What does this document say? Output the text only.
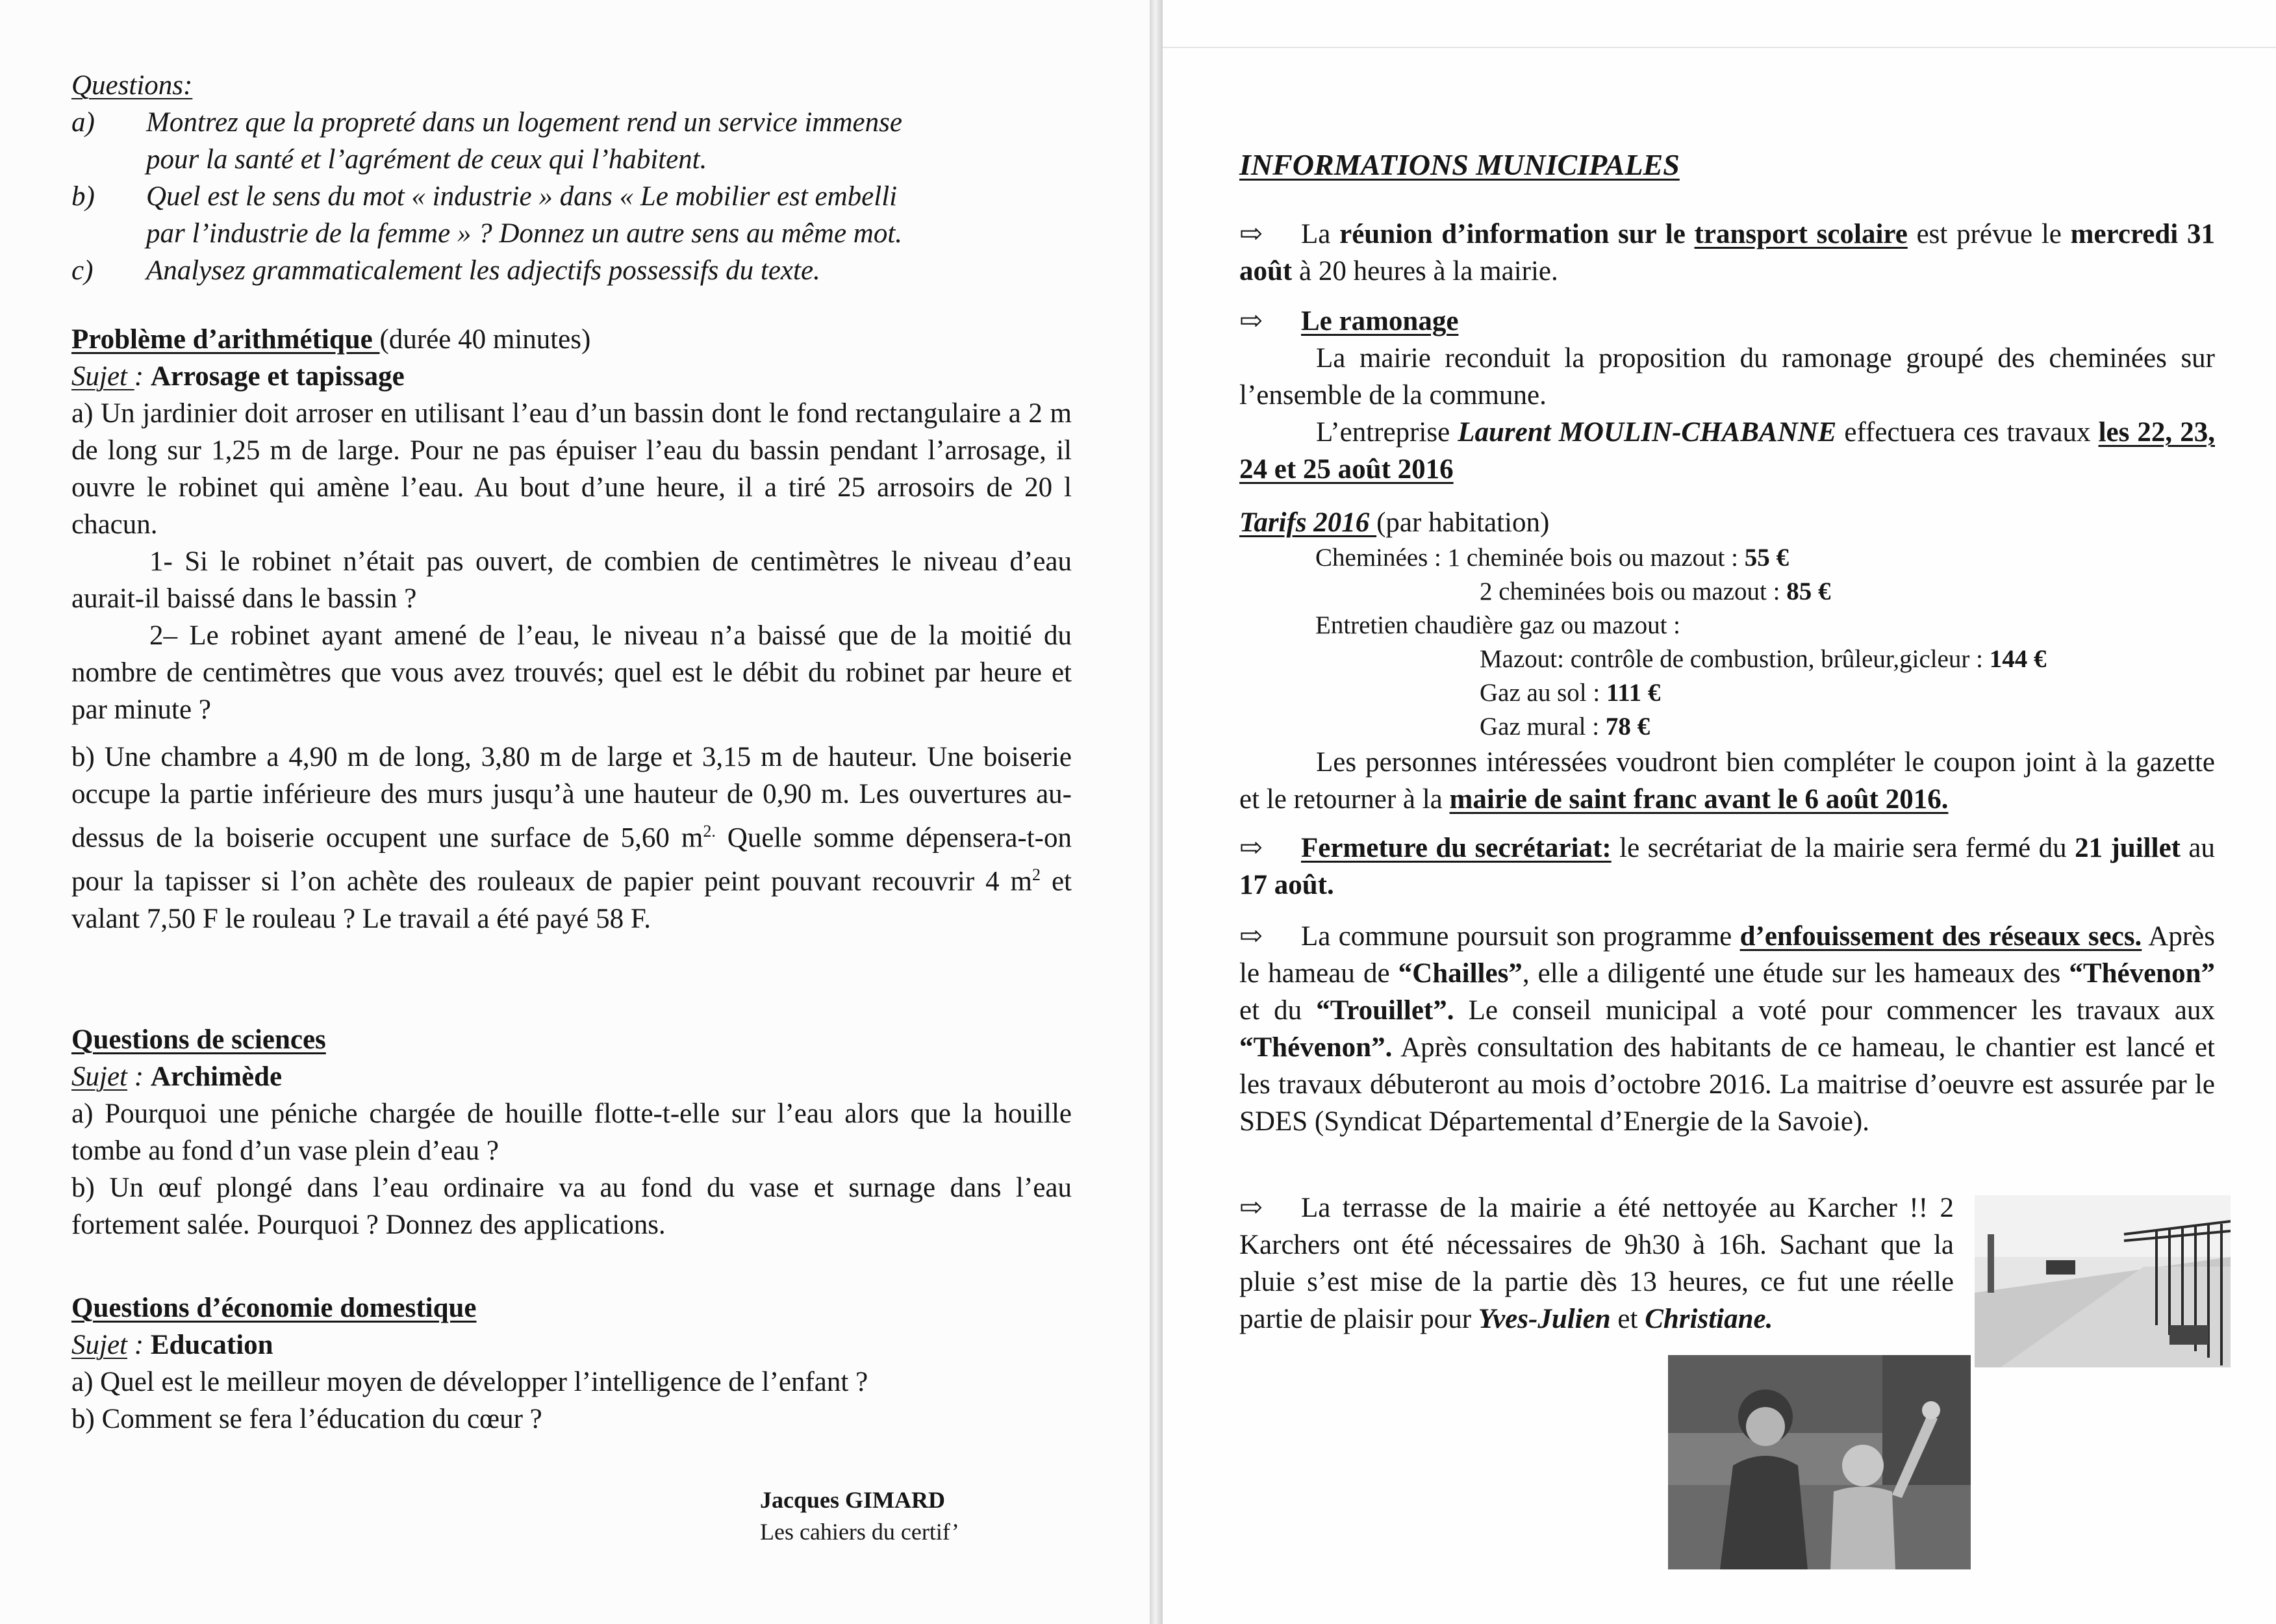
Questions:
a)	Montrez que la propreté dans un logement rend un service immense
pour la santé et l’agrément de ceux qui l’habitent.
b)	Quel est le sens du mot « industrie » dans « Le mobilier est embelli
par l’industrie de la femme » ? Donnez un autre sens au même mot.
c)	Analysez grammaticalement les adjectifs possessifs du texte.
Problème d’arithmétique (durée 40 minutes)
Sujet : Arrosage et tapissage
a) Un jardinier doit arroser en utilisant l’eau d’un bassin dont le fond rectangulaire a 2 m de long sur 1,25 m de large. Pour ne pas épuiser l’eau du bassin pendant l’arrosage, il ouvre le robinet qui amène l’eau. Au bout d’une heure, il a tiré 25 arrosoirs de 20 l chacun.
1- Si le robinet n’était pas ouvert, de combien de centimètres le niveau d’eau aurait-il baissé dans le bassin ?
2– Le robinet ayant amené de l’eau, le niveau n’a baissé que de la moitié du nombre de centimètres que vous avez trouvés; quel est le débit du robinet par heure et par minute ?
b) Une chambre a 4,90 m de long, 3,80 m de large et 3,15 m de hauteur. Une boiserie occupe la partie inférieure des murs jusqu’à une hauteur de 0,90 m. Les ouvertures au-dessus de la boiserie occupent une surface de 5,60 $m^{2.}$ Quelle somme dépensera-t-on pour la tapisser si l’on achète des rouleaux de papier peint pouvant recouvrir 4 $m^2$ et valant 7,50 F le rouleau ? Le travail a été payé 58 F.
Questions de sciences
Sujet : Archimède
a) Pourquoi une péniche chargée de houille flotte-t-elle sur l’eau alors que la houille tombe au fond d’un vase plein d’eau ?
b) Un œuf plongé dans l’eau ordinaire va au fond du vase et surnage dans l’eau fortement salée. Pourquoi ? Donnez des applications.
Questions d’économie domestique
Sujet : Education
a) Quel est le meilleur moyen de développer l’intelligence de l’enfant ?
b) Comment se fera l’éducation du cœur ?
Jacques GIMARD
Les cahiers du certif’
INFORMATIONS MUNICIPALES
⇨ La réunion d’information sur le transport scolaire est prévue le mercredi 31 août à 20 heures à la mairie.
⇨ Le ramonage
La mairie reconduit la proposition du ramonage groupé des cheminées sur l’ensemble de la commune.
L’entreprise Laurent MOULIN-CHABANNE effectuera ces travaux les 22, 23, 24 et 25 août 2016
Tarifs 2016 (par habitation)
Cheminées : 1 cheminée bois ou mazout : 55 €
2 cheminées bois ou mazout : 85 €
Entretien chaudière gaz ou mazout :
Mazout: contrôle de combustion, brûleur,gicleur : 144 €
Gaz au sol : 111 €
Gaz mural : 78 €
Les personnes intéressées voudront bien compléter le coupon joint à la gazette et le retourner à la mairie de saint franc avant le 6 août 2016.
⇨ Fermeture du secrétariat: le secrétariat de la mairie sera fermé du 21 juillet au 17 août.
⇨ La commune poursuit son programme d’enfouissement des réseaux secs. Après le hameau de “Chailles”, elle a diligenté une étude sur les hameaux des “Thévenon” et du “Trouillet”. Le conseil municipal a voté pour commencer les travaux aux “Thévenon”. Après consultation des habitants de ce hameau, le chantier est lancé et les travaux débuteront au mois d’octobre 2016. La maitrise d’oeuvre est assurée par le SDES (Syndicat Départemental d’Energie de la Savoie).
⇨ La terrasse de la mairie a été nettoyée au Karcher !! 2 Karchers ont été nécessaires de 9h30 à 16h. Sachant que la pluie s’est mise de la partie dès 13 heures, ce fut une réelle partie de plaisir pour Yves-Julien et Christiane.
